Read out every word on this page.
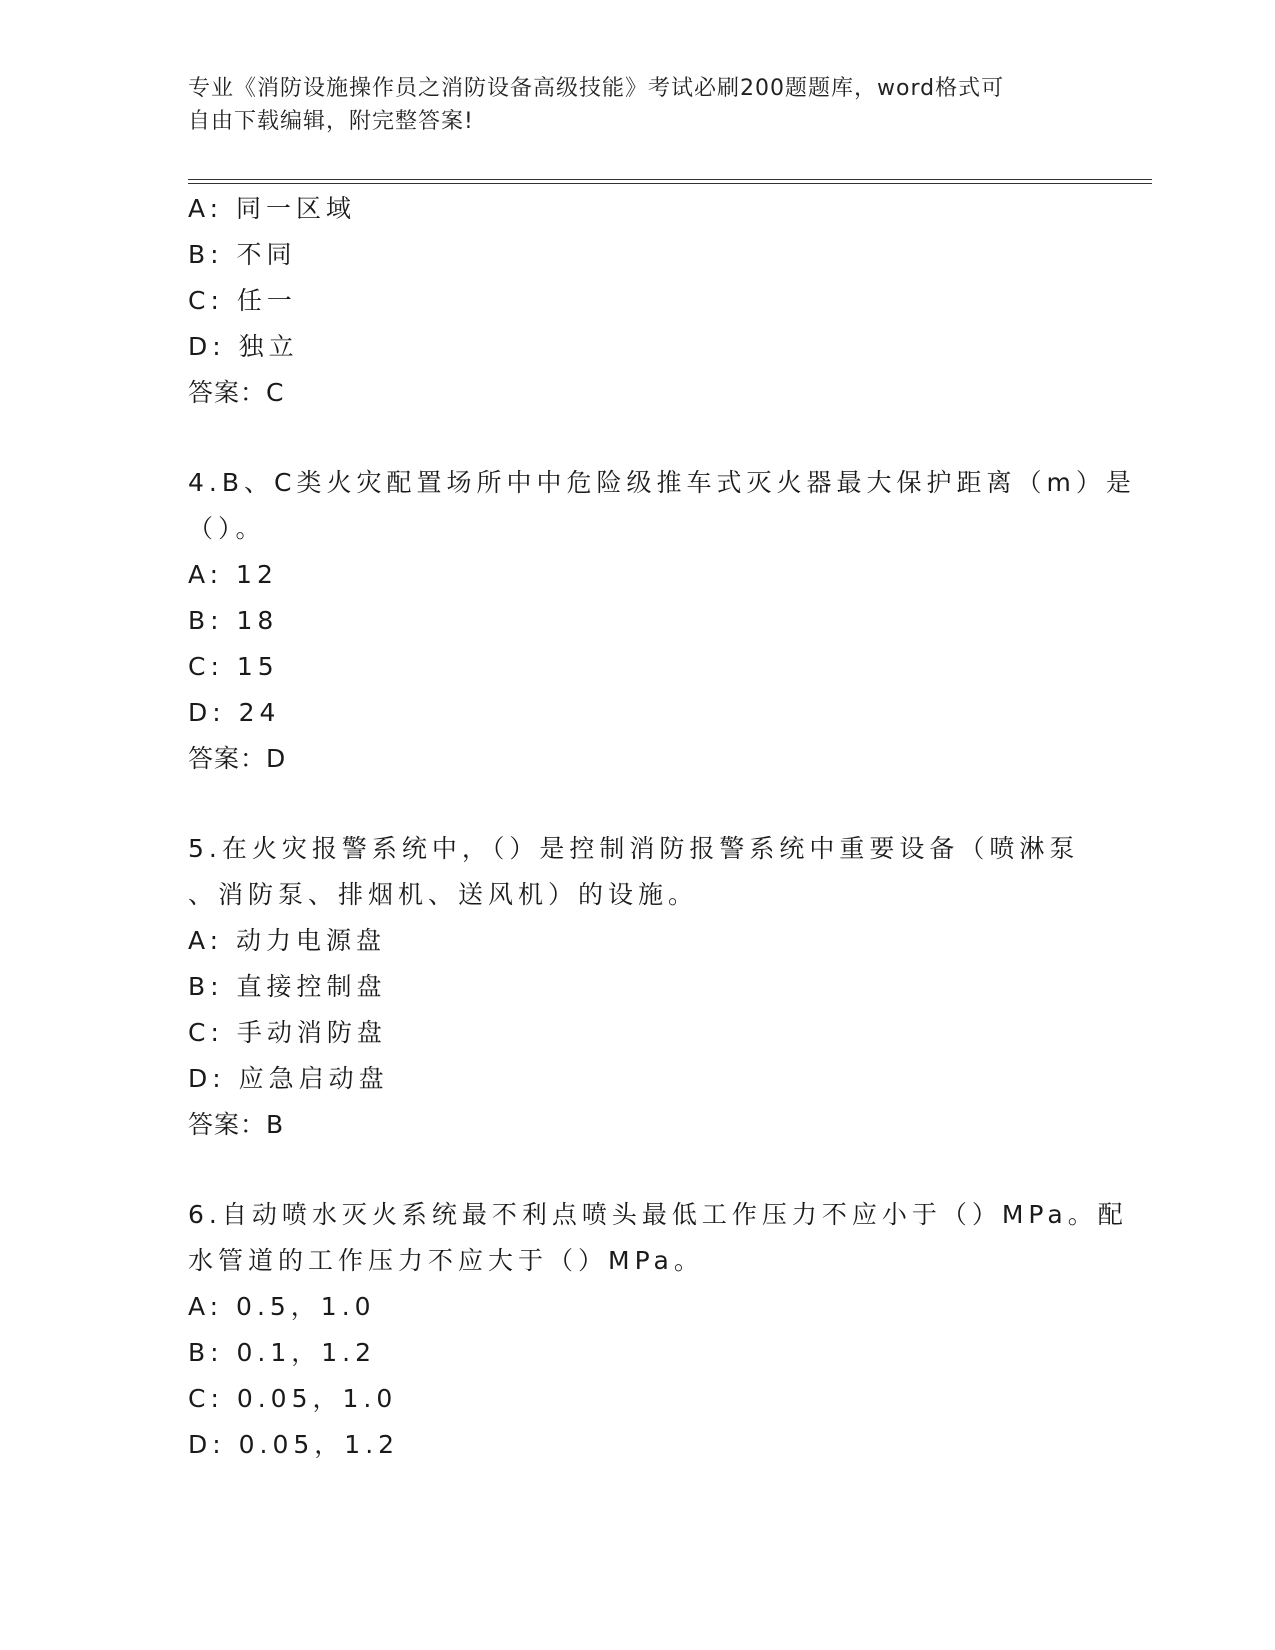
专业《消防设施操作员之消防设备高级技能》考试必刷200题题库，word格式可
自由下载编辑，附完整答案!
A: 同一区域
B: 不同
C: 任一
D: 独立
答案：C
4.B、C类火灾配置场所中中危险级推车式灭火器最大保护距离（m）是
（）。
A: 12
B: 18
C: 15
D: 24
答案：D
5.在火灾报警系统中，（）是控制消防报警系统中重要设备（喷淋泵
、消防泵、排烟机、送风机）的设施。
A: 动力电源盘
B: 直接控制盘
C: 手动消防盘
D: 应急启动盘
答案：B
6.自动喷水灭火系统最不利点喷头最低工作压力不应小于（）MPa。配
水管道的工作压力不应大于（）MPa。
A: 0.5，1.0
B: 0.1，1.2
C: 0.05，1.0
D: 0.05，1.2
